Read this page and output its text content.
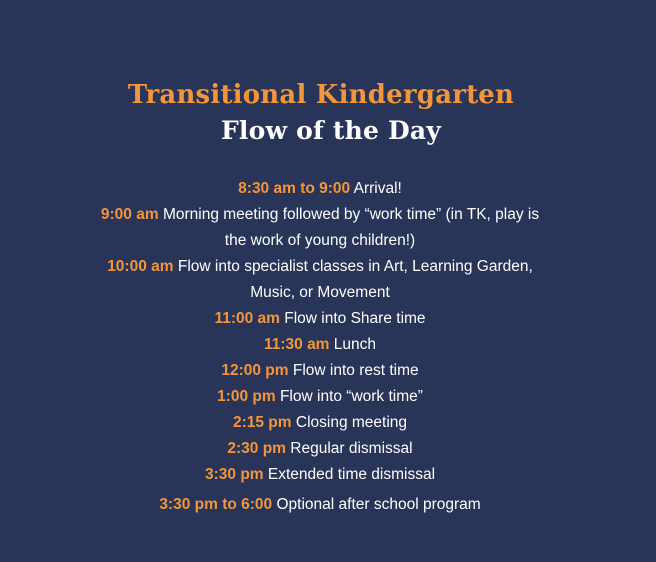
Transitional Kindergarten
Flow of the Day
8:30 am to 9:00 Arrival!
9:00 am Morning meeting followed by “work time” (in TK, play is the work of young children!)
10:00 am Flow into specialist classes in Art, Learning Garden, Music, or Movement
11:00 am Flow into Share time
11:30 am Lunch
12:00 pm Flow into rest time
1:00 pm Flow into “work time”
2:15 pm Closing meeting
2:30 pm Regular dismissal
3:30 pm Extended time dismissal
3:30 pm to 6:00 Optional after school program
